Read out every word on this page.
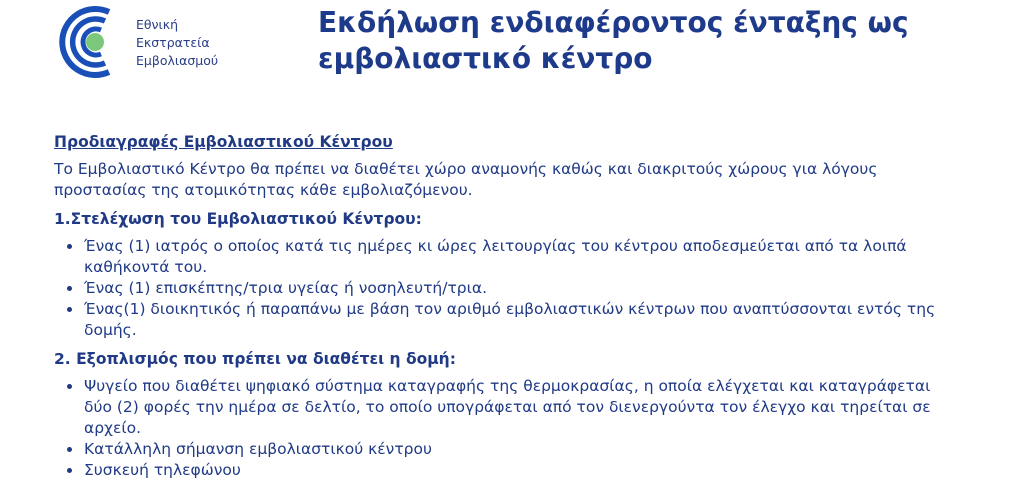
Εθνική
Εκστρατεία
Εμβολιασμού
Εκδήλωση ενδιαφέροντος ένταξης ως εμβολιαστικό κέντρο
Προδιαγραφές Εμβολιαστικού Κέντρου

Το Εμβολιαστικό Κέντρο θα πρέπει να διαθέτει χώρο αναμονής καθώς και διακριτούς χώρους για λόγους προστασίας της ατομικότητας κάθε εμβολιαζόμενου.

1.Στελέχωση του Εμβολιαστικού Κέντρου:
Ένας (1) ιατρός ο οποίος κατά τις ημέρες κι ώρες λειτουργίας του κέντρου αποδεσμεύεται από τα λοιπά καθήκοντά του.
Ένας (1) επισκέπτης/τρια υγείας ή νοσηλευτή/τρια.
Ένας(1) διοικητικός ή παραπάνω με βάση τον αριθμό εμβολιαστικών κέντρων που αναπτύσσονται εντός της δομής.
2. Εξοπλισμός που πρέπει να διαθέτει η δομή:
Ψυγείο που διαθέτει ψηφιακό σύστημα καταγραφής της θερμοκρασίας, η οποία ελέγχεται και καταγράφεται δύο (2) φορές την ημέρα σε δελτίο, το οποίο υπογράφεται από τον διενεργούντα τον έλεγχο και τηρείται σε αρχείο.
Κατάλληλη σήμανση εμβολιαστικού κέντρου
Συσκευή τηλεφώνου
